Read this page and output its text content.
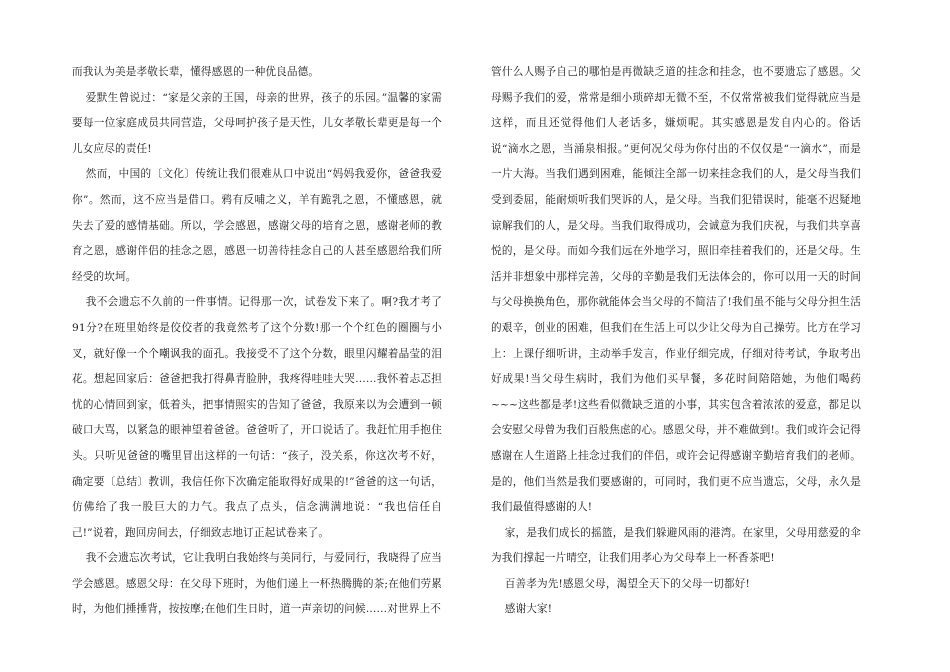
而我认为美是孝敬长辈，懂得感恩的一种优良品德。

爱默生曾说过：“家是父亲的王国，母亲的世界，孩子的乐园。”温馨的家需要每一位家庭成员共同营造，父母呵护孩子是天性，儿女孝敬长辈更是每一个儿女应尽的责任!

然而，中国的〔文化〕传统让我们很难从口中说出“妈妈我爱你，爸爸我爱你”。然而，这不应当是借口。鸦有反哺之义，羊有跪乳之恩，不懂感恩，就失去了爱的感情基础。所以，学会感恩，感谢父母的培育之恩，感谢老师的教育之恩，感谢伴侣的挂念之恩，感恩一切善待挂念自己的人甚至感恩给我们所经受的坎坷。

我不会遗忘不久前的一件事情。记得那一次，试卷发下来了。啊?我才考了91分?在班里始终是佼佼者的我竟然考了这个分数!那一个个红色的圈圈与小叉，就好像一个个嘲讽我的面孔。我接受不了这个分数，眼里闪耀着晶莹的泪花。想起回家后：爸爸把我打得鼻青脸肿，我疼得哇哇大哭……我怀着忐忑担忧的心情回到家，低着头，把事情照实的告知了爸爸，我原来以为会遭到一顿破口大骂，以紧急的眼神望着爸爸。爸爸听了，开口说话了。我赶忙用手抱住头。只听见爸爸的嘴里冒出这样的一句话：“孩子，没关系，你这次考不好，确定要〔总结〕教训，我信任你下次确定能取得好成果的!”爸爸的这一句话，仿佛给了我一股巨大的力气。我点了点头，信念满满地说：“我也信任自己!”说着，跑回房间去，仔细致志地订正起试卷来了。

我不会遗忘次考试，它让我明白我始终与美同行，与爱同行，我晓得了应当学会感恩。感恩父母：在父母下班时，为他们递上一杯热腾腾的茶;在他们劳累时，为他们捶捶背，按按摩;在他们生日时，道一声亲切的问候……对世界上不

管什么人赐予自己的哪怕是再微缺乏道的挂念和挂念，也不要遗忘了感恩。父母赐予我们的爱，常常是细小琐碎却无微不至，不仅常常被我们觉得就应当是这样，而且还觉得他们人老话多，嫌烦呢。其实感恩是发自内心的。俗话说“滴水之恩，当涌泉相报。”更何况父母为你付出的不仅仅是“一滴水”，而是一片大海。当我们遇到困难，能倾注全部一切来挂念我们的人，是父母当我们受到委屈，能耐烦听我们哭诉的人，是父母。当我们犯错误时，能毫不迟疑地谅解我们的人，是父母。当我们取得成功，会诚意为我们庆祝，与我们共享喜悦的，是父母。而如今我们远在外地学习，照旧牵挂着我们的，还是父母。生活并非想象中那样完善，父母的辛勤是我们无法体会的，你可以用一天的时间与父母换换角色，那你就能体会当父母的不简洁了!我们虽不能与父母分担生活的艰辛，创业的困难，但我们在生活上可以少让父母为自己操劳。比方在学习上：上课仔细听讲，主动举手发言，作业仔细完成，仔细对待考试，争取考出好成果!当父母生病时，我们为他们买早餐，多花时间陪陪她，为他们喝药~~~这些都是孝!这些看似微缺乏道的小事，其实包含着浓浓的爱意，都足以会安慰父母曾为我们百般焦虑的心。感恩父母，并不难做到!。我们或许会记得感谢在人生道路上挂念过我们的伴侣，或许会记得感谢辛勤培育我们的老师。是的，他们当然是我们要感谢的，可同时，我们更不应当遗忘，父母，永久是我们最值得感谢的人!

家，是我们成长的摇篮，是我们躲避风雨的港湾。在家里，父母用慈爱的伞为我们撑起一片晴空，让我们用孝心为父母奉上一杯香茶吧!

百善孝为先!感恩父母，渴望全天下的父母一切都好!

感谢大家!
